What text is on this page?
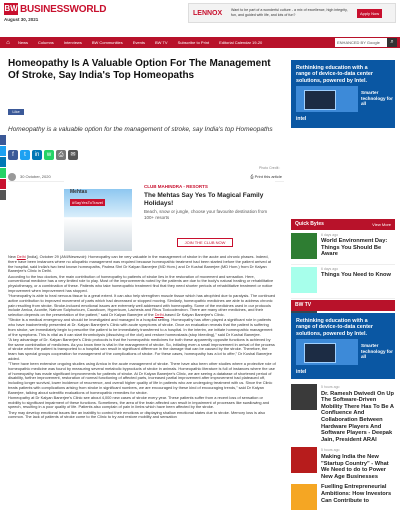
BW BUSINESSWORLD
August 30, 2021
LENNOX	Want to be part of a wonderful culture - a mix of excellence, high integrity, fun, and guided with life, and lots of fun?	Apply Now
⌂	News	Columns	Interviews	BW Communities	Events	BW TV	Subscribe to Print	Editorial Calendar 19-20	ENHANCED BY Google	⌕
Homeopathy Is A Valuable Option For The Management Of Stroke, Say India's Top Homeopaths
Like
Homeopathy is a valuable option for the management of stroke, say India's top Homeopaths
f	t	in	w	⎙	✉
Photo Credit :
30 October, 2020	⎙ Print this article
Mehtas
#SayYesToTravel
CLUB MAHINDRA - RESORTS
The Mehtas Say Yes To Magical Family Holidays!
Beach, snow or jungle, choose your favourite destination from 100+ resorts
JOIN THE CLUB NOW

New Delhi [India], October 29 (ANI/Newsvoir): Homeopathy can be very valuable in the management of stroke in the acute and chronic phases. Indeed, there have been instances where no allopathic management was required because homeopathic treatment had been started before the patient arrived at the hospital, said India's two best known homeopaths, Padma Shri Dr Kalyan Banerjee (MD Hom.) and Dr Kushal Banerjee (MD Hom.) from Dr Kalyan Banerjee's Clinic in Delhi.

According to the two doctors, the main contribution of homeopathy to patients of stroke lies in the restoration of movement and sensation. Here, conventional medicine has a very limited role to play. Most of the improvements noted by the patients are due to the body's natural healing or rehabilitative physiotherapy, or a combination of these. Patients who take homeopathic treatment find that they need shorter periods of rehabilitative treatment or notice improvement when improvement has stopped.

"Homeopathy is able to heal nervous tissue to a great extent. It can also help strengthen muscle tissue which has atrophied due to paralysis. The continued active contribution to improved movement of parts which had decreased or stopped moving. Similarly, homeopathic medicines are able to address chronic pain resulting from stroke. Stroke-induced emotional issues are extremely well addressed with homeopathy. Some of the medicines used in our protocols include Arnica, Aconite, Natrum Sulphuricum, Causticum, Hypericum, Lachesis and Rhus Toxicodendron. There are many other medicines, and their selection depends on the presentation of the patient," said Dr Kalyan Banerjee of the Delhi-based Dr Kalyan Banerjee's Clinic.

"Stroke is a medical emergency and should be investigated and managed in a hospital setting. Homeopathy has often played a significant role in patients who have inadvertently presented at Dr. Kalyan Banerjee's Clinic with acute symptoms of stroke. Once an evaluation reveals that the patient is suffering from stroke, we immediately begin to prescribe the patient to be immediately transferred to a hospital. In the interim, we initiate homeopathic management of the symptoms. This is vital as it can start thrombolysis (dissolving of the clot) and restore homeostasis (stop bleeding)," said Dr Kushal Banerjee.

"A key advantage of Dr. Kalyan Banerjee's Clinic protocols is that the homeopathic medicines for both these apparently opposite functions is achieved by the same combination of medicines. As you know time is vital in the management of stroke. So, initiating even a small improvement in arrival of the process of stroke when the patient is transported to a hospital can result in significant difference in the damage that can be caused by the stroke. Therefore, the team has special groups cooperation for management of the complications of stroke. For these cases, homeopathy has a lot to offer," Dr Kushal Banerjee added.

"There have been extensive ongoing studies using Arnica in the acute management of stroke. There have also been other studies where a protective role of homeopathic medicine was found by measuring several metabolic byproducts of stroke in animals. Homeopathic literature is full of instances where the use of homeopathy has made significant improvements for patients of stroke. At Dr Kalyan Banerjee's Clinic, we are seeing a database of shortened period of disability, further improvement, restoration of normal functioning of affected parts, increased partial improvement after improvement had plateaued off, including longer survival, lower incidence of recurrence, and overall higher quality of life in patients who are undergoing treatment with us. Since the Clinic treats patients with complications arising from stroke in significant numbers, we are encouraged by these kind of encouraging trends," said Dr Kalyan Banerjee, talking about scientific evaluations of homeopathic remedies for stroke.

Homeopathy at Dr Kalyan Banerjee's Clinic see about 4,000 new cases of stroke every year. These patients suffer from a recent loss of sensation or mobility to significant impairment of these functions. Sometimes, the area of the brain affected can result in impairment of processes like swallowing and speech, resulting in a poor quality of life. Patients also complain of pain in limbs which have been affected by the stroke.

They may develop emotional issues like an inability to control their emotions or displaying shallow emotional states due to stroke. Memory loss is also common. The lack of patients of stroke come to the Clinic to try and restore mobility and sensation

Rethinking education with a range of device-to-data center solutions, powered by Intel.
Smarter technology for all
intel
Quick Bytes	View More
6 days ago
World Environment Day: Things You Should Be Aware
6 days ago
Things You Need to Know
BW TV
Rethinking education with a range of device-to-data center solutions, powered by Intel.
Smarter technology for all
intel
5 hours ago
Dr. Ramesh Dwivedi On Up The Software-Driven Mobility There Has To Be A Confluence And Collaboration Between Hardware Players And Software Players - Deepak Jain, President ARAI
5 hours ago
Making India the New "Startup Country" - What We Need to do to Power New Age Businesses
Fuelling Entrepreneurial Ambitions: How Investors Can Contribute to
